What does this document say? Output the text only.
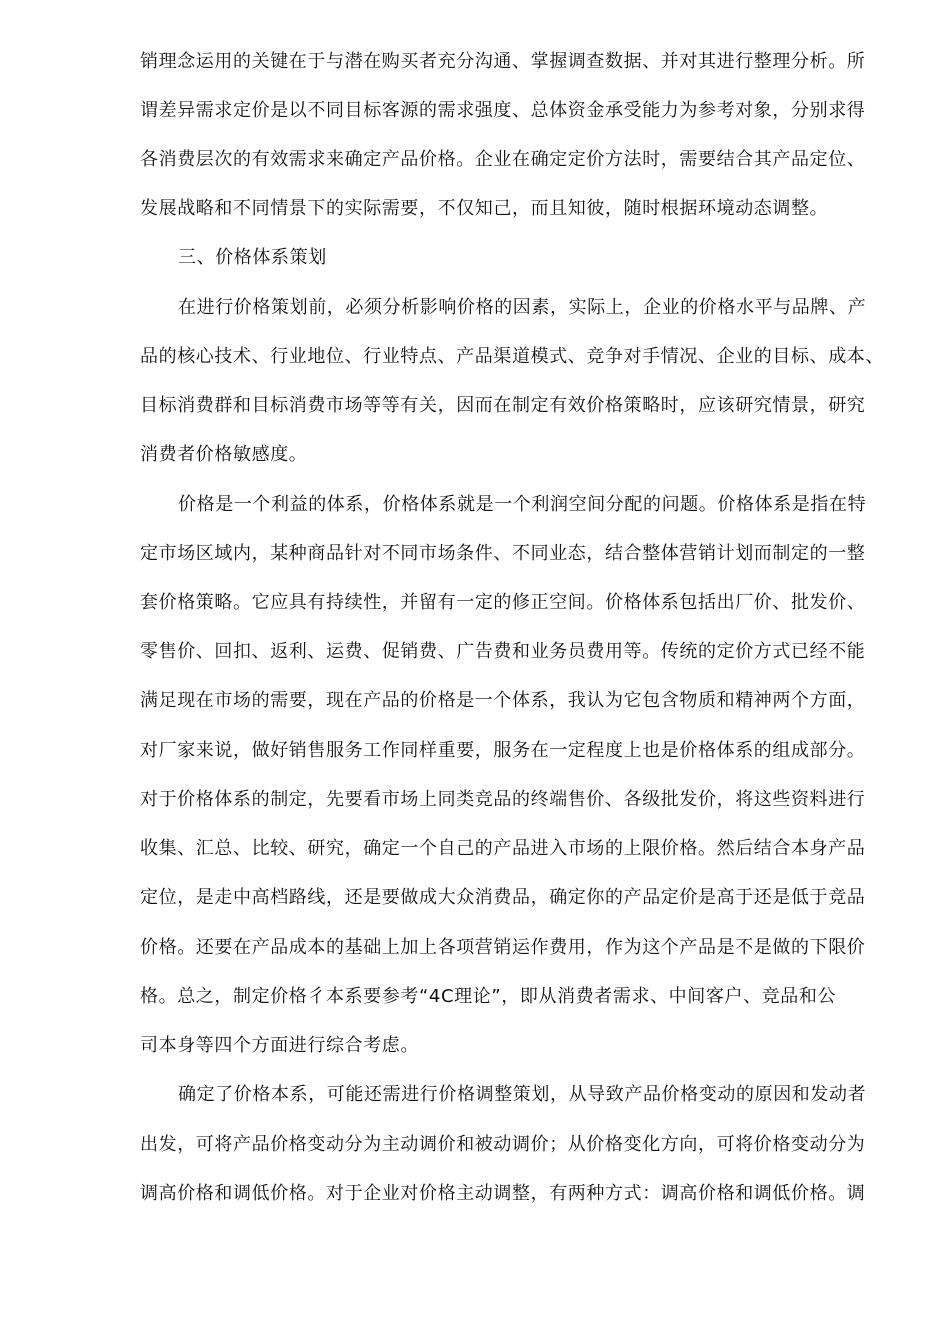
销理念运用的关键在于与潜在购买者充分沟通、掌握调查数据、并对其进行整理分析。所
谓差异需求定价是以不同目标客源的需求强度、总体资金承受能力为参考对象，分别求得
各消费层次的有效需求来确定产品价格。企业在确定定价方法时，需要结合其产品定位、
发展战略和不同情景下的实际需要，不仅知己，而且知彼，随时根据环境动态调整。
三、价格体系策划
在进行价格策划前，必须分析影响价格的因素，实际上，企业的价格水平与品牌、产
品的核心技术、行业地位、行业特点、产品渠道模式、竞争对手情况、企业的目标、成本、
目标消费群和目标消费市场等等有关，因而在制定有效价格策略时，应该研究情景，研究
消费者价格敏感度。
价格是一个利益的体系，价格体系就是一个利润空间分配的问题。价格体系是指在特
定市场区域内，某种商品针对不同市场条件、不同业态，结合整体营销计划而制定的一整
套价格策略。它应具有持续性，并留有一定的修正空间。价格体系包括出厂价、批发价、
零售价、回扣、返利、运费、促销费、广告费和业务员费用等。传统的定价方式已经不能
满足现在市场的需要，现在产品的价格是一个体系，我认为它包含物质和精神两个方面，
对厂家来说，做好销售服务工作同样重要，服务在一定程度上也是价格体系的组成部分。
对于价格体系的制定，先要看市场上同类竞品的终端售价、各级批发价，将这些资料进行
收集、汇总、比较、研究，确定一个自己的产品进入市场的上限价格。然后结合本身产品
定位，是走中高档路线，还是要做成大众消费品，确定你的产品定价是高于还是低于竞品
价格。还要在产品成本的基础上加上各项营销运作费用，作为这个产品是不是做的下限价
格。总之，制定价格彳本系要参考“4C理论”，即从消费者需求、中间客户、竞品和公
司本身等四个方面进行综合考虑。
确定了价格本系，可能还需进行价格调整策划，从导致产品价格变动的原因和发动者
出发，可将产品价格变动分为主动调价和被动调价；从价格变化方向，可将价格变动分为
调高价格和调低价格。对于企业对价格主动调整，有两种方式：调高价格和调低价格。调
